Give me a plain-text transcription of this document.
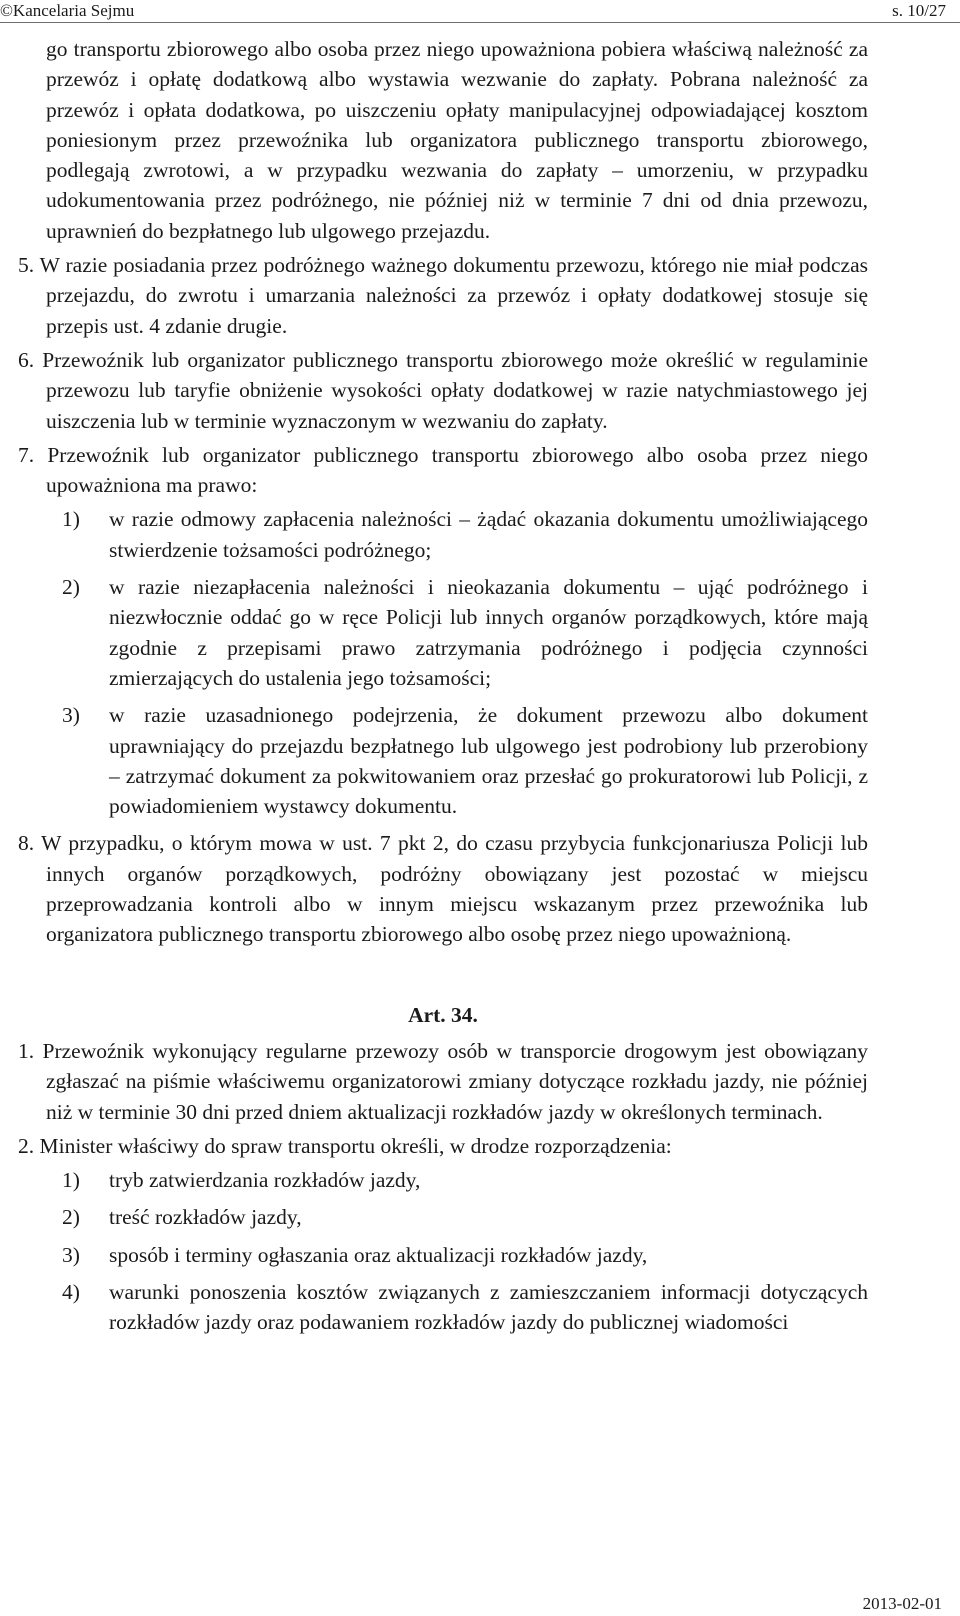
©Kancelaria Sejmu	s. 10/27

go transportu zbiorowego albo osoba przez niego upoważniona pobiera właściwą należność za przewóz i opłatę dodatkową albo wystawia wezwanie do zapłaty. Pobrana należność za przewóz i opłata dodatkowa, po uiszczeniu opłaty manipulacyjnej odpowiadającej kosztom poniesionym przez przewoźnika lub organizatora publicznego transportu zbiorowego, podlegają zwrotowi, a w przypadku wezwania do zapłaty – umorzeniu, w przypadku udokumentowania przez podróżnego, nie później niż w terminie 7 dni od dnia przewozu, uprawnień do bezpłatnego lub ulgowego przejazdu.

5. W razie posiadania przez podróżnego ważnego dokumentu przewozu, którego nie miał podczas przejazdu, do zwrotu i umarzania należności za przewóz i opłaty dodatkowej stosuje się przepis ust. 4 zdanie drugie.

6. Przewoźnik lub organizator publicznego transportu zbiorowego może określić w regulaminie przewozu lub taryfie obniżenie wysokości opłaty dodatkowej w razie natychmiastowego jej uiszczenia lub w terminie wyznaczonym w wezwaniu do zapłaty.

7. Przewoźnik lub organizator publicznego transportu zbiorowego albo osoba przez niego upoważniona ma prawo:

1) w razie odmowy zapłacenia należności – żądać okazania dokumentu umożliwiającego stwierdzenie tożsamości podróżnego;
2) w razie niezapłacenia należności i nieokazania dokumentu – ująć podróżnego i niezwłocznie oddać go w ręce Policji lub innych organów porządkowych, które mają zgodnie z przepisami prawo zatrzymania podróżnego i podjęcia czynności zmierzających do ustalenia jego tożsamości;
3) w razie uzasadnionego podejrzenia, że dokument przewozu albo dokument uprawniający do przejazdu bezpłatnego lub ulgowego jest podrobiony lub przerobiony – zatrzymać dokument za pokwitowaniem oraz przesłać go prokuratorowi lub Policji, z powiadomieniem wystawcy dokumentu.

8. W przypadku, o którym mowa w ust. 7 pkt 2, do czasu przybycia funkcjonariusza Policji lub innych organów porządkowych, podróżny obowiązany jest pozostać w miejscu przeprowadzania kontroli albo w innym miejscu wskazanym przez przewoźnika lub organizatora publicznego transportu zbiorowego albo osobę przez niego upoważnioną.

Art. 34.

1. Przewoźnik wykonujący regularne przewozy osób w transporcie drogowym jest obowiązany zgłaszać na piśmie właściwemu organizatorowi zmiany dotyczące rozkładu jazdy, nie później niż w terminie 30 dni przed dniem aktualizacji rozkładów jazdy w określonych terminach.

2. Minister właściwy do spraw transportu określi, w drodze rozporządzenia:

1) tryb zatwierdzania rozkładów jazdy,
2) treść rozkładów jazdy,
3) sposób i terminy ogłaszania oraz aktualizacji rozkładów jazdy,
4) warunki ponoszenia kosztów związanych z zamieszczaniem informacji dotyczących rozkładów jazdy oraz podawaniem rozkładów jazdy do publicznej wiadomości
2013-02-01
